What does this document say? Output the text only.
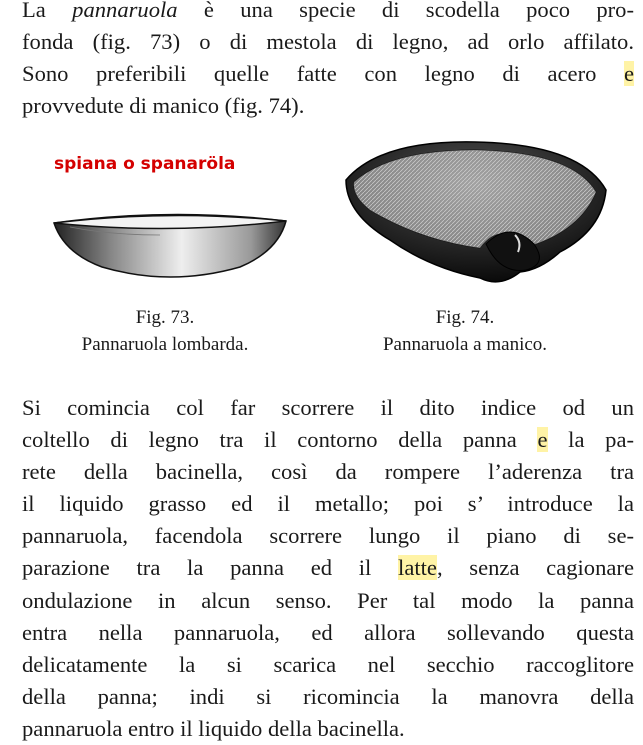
La pannaruola è una specie di scodella poco pro-
fonda (fig. 73) o di mestola di legno, ad orlo affilato.
Sono preferibili quelle fatte con legno di acero e
provvedute di manico (fig. 74).

spiana o spanaröla

Fig. 73.

Pannaruola lombarda.

Fig. 74.

Pannaruola a manico.

Si comincia col far scorrere il dito indice od un
coltello di legno tra il contorno della panna e la pa-
rete della bacinella, così da rompere l’aderenza tra
il liquido grasso ed il metallo; poi s’ introduce la
pannaruola, facendola scorrere lungo il piano di se-
parazione tra la panna ed il latte, senza cagionare
ondulazione in alcun senso. Per tal modo la panna
entra nella pannaruola, ed allora sollevando questa
delicatamente la si scarica nel secchio raccoglitore
della panna; indi si ricomincia la manovra della
pannaruola entro il liquido della bacinella.
